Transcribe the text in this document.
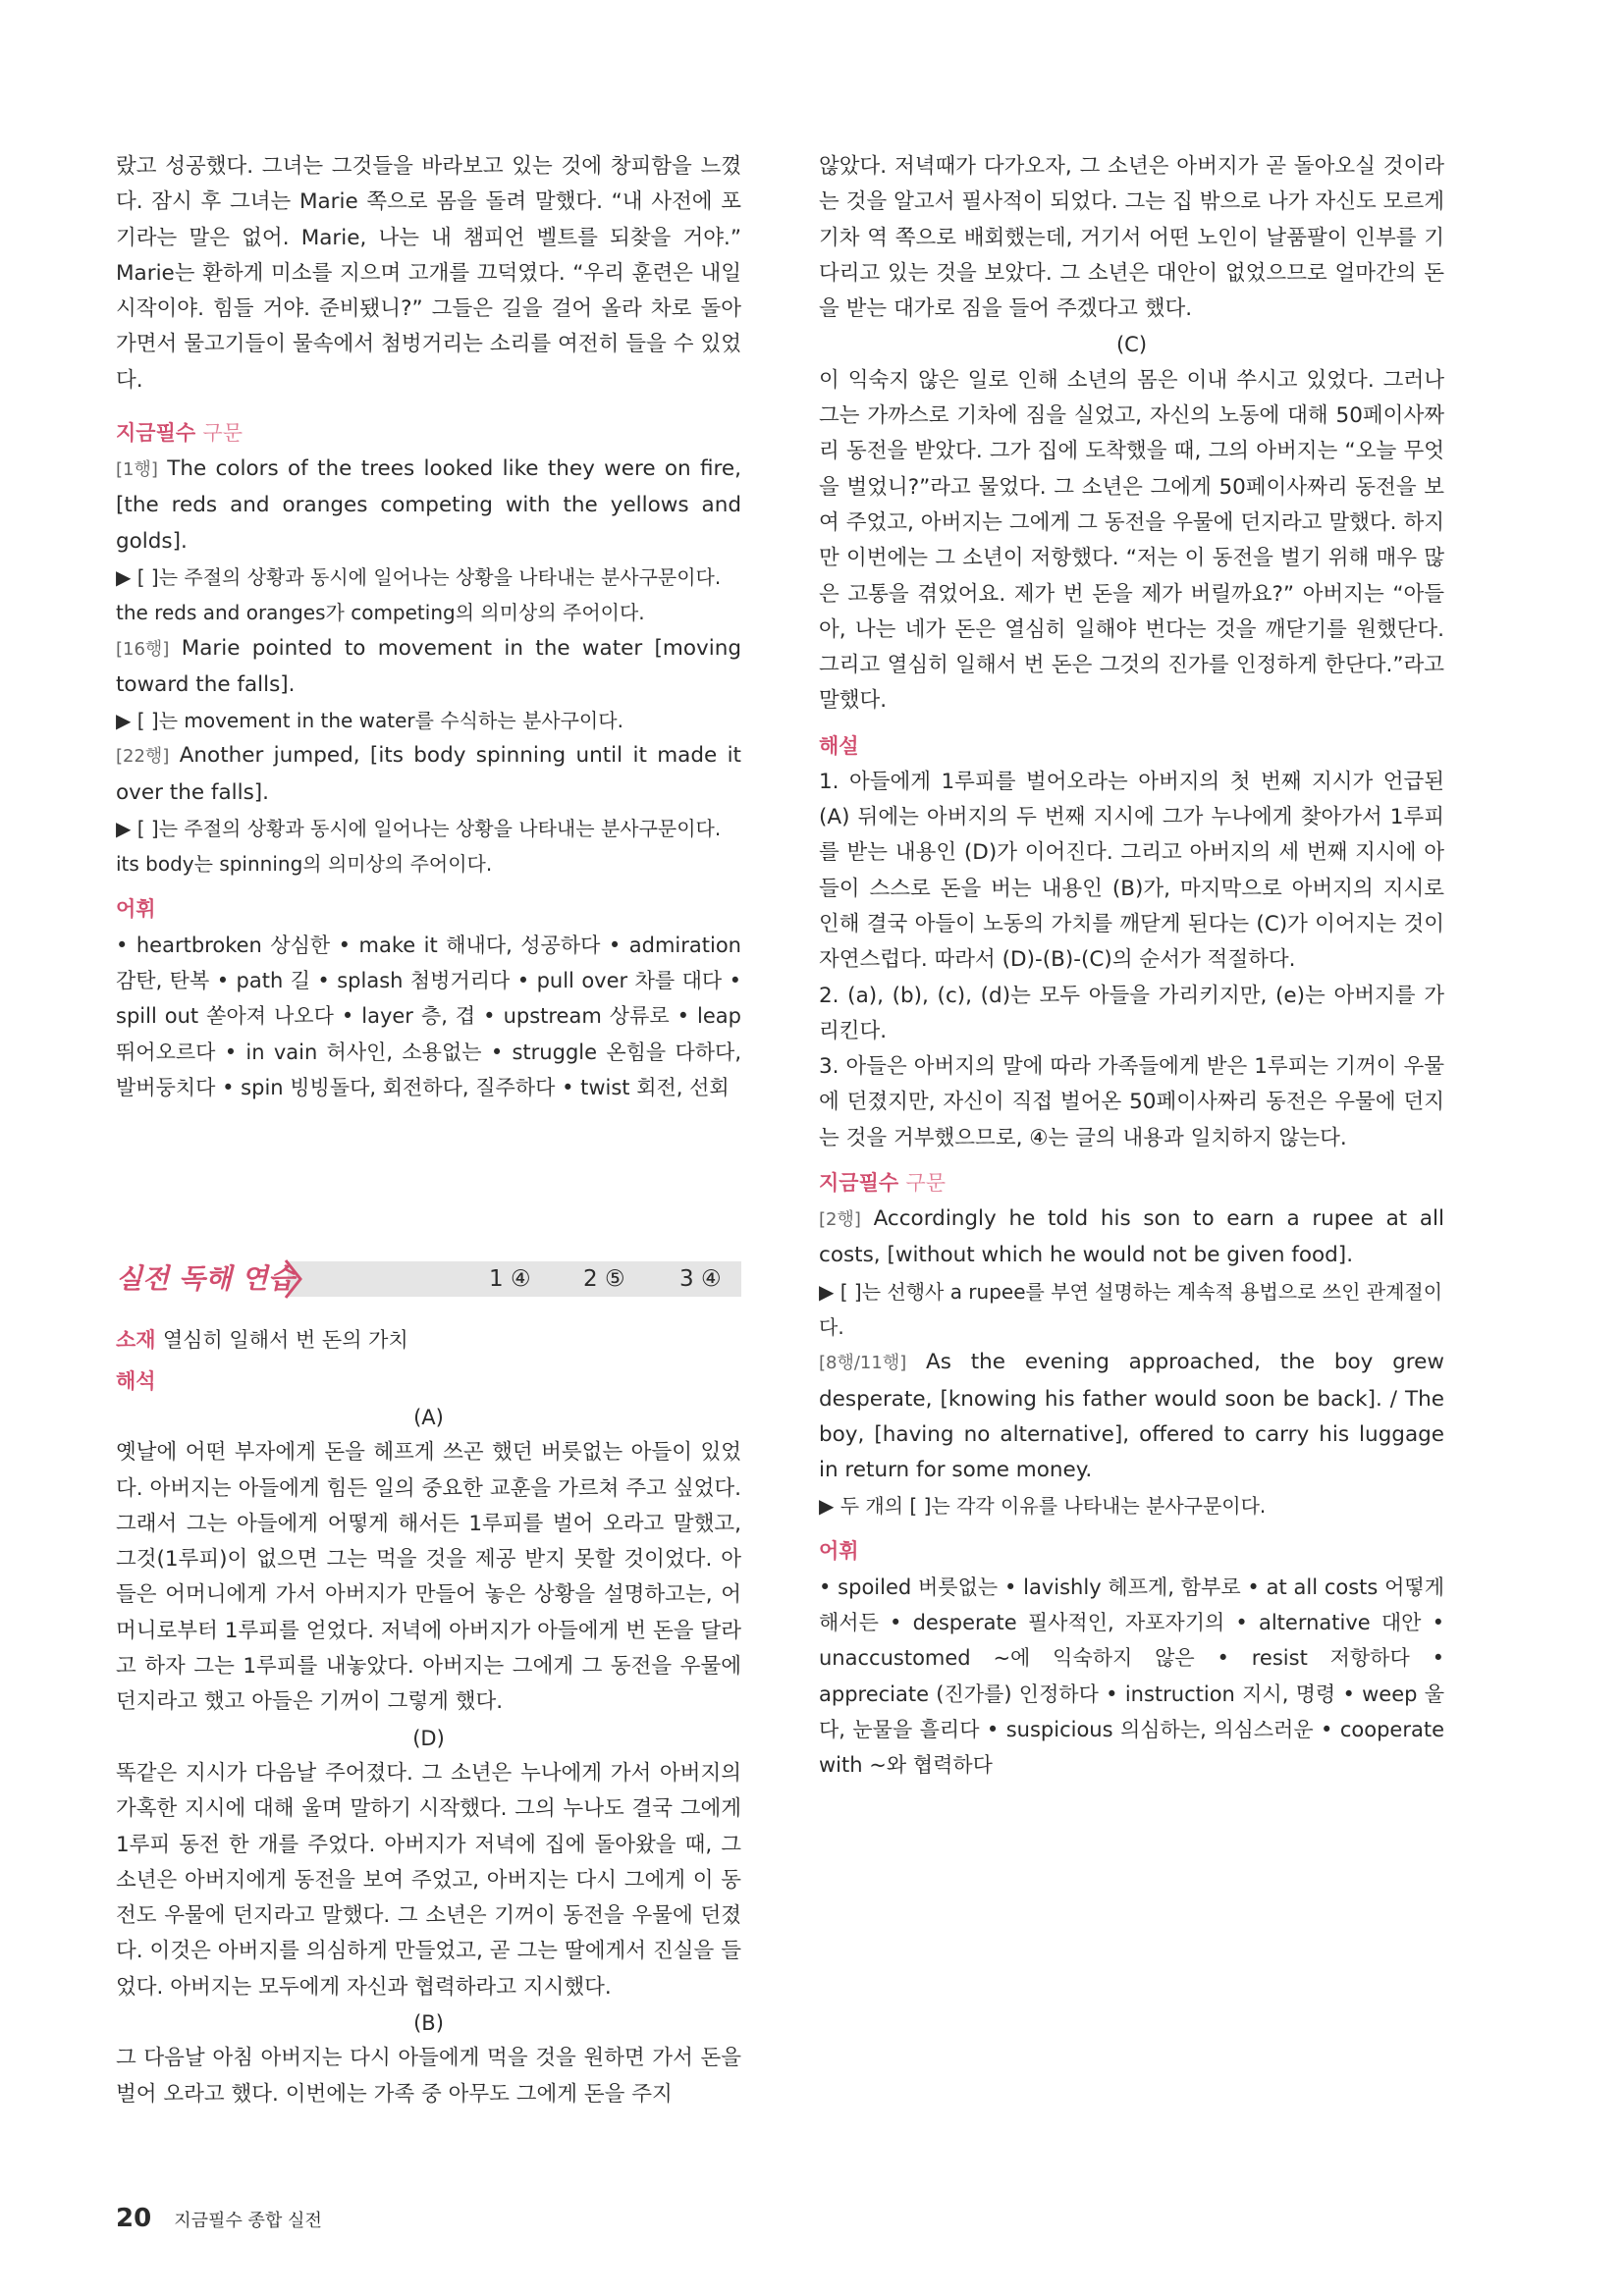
랐고 성공했다. 그녀는 그것들을 바라보고 있는 것에 창피함을 느꼈다. 잠시 후 그녀는 Marie 쪽으로 몸을 돌려 말했다. “내 사전에 포기라는 말은 없어. Marie, 나는 내 챔피언 벨트를 되찾을 거야.” Marie는 환하게 미소를 지으며 고개를 끄덕였다. “우리 훈련은 내일 시작이야. 힘들 거야. 준비됐니?” 그들은 길을 걸어 올라 차로 돌아가면서 물고기들이 물속에서 첨벙거리는 소리를 여전히 들을 수 있었다.

지금필수 구문

[1행] The colors of the trees looked like they were on fire, [the reds and oranges competing with the yellows and golds].

▶ [ ]는 주절의 상황과 동시에 일어나는 상황을 나타내는 분사구문이다. the reds and oranges가 competing의 의미상의 주어이다.

[16행] Marie pointed to movement in the water [moving toward the falls].

▶ [ ]는 movement in the water를 수식하는 분사구이다.

[22행] Another jumped, [its body spinning until it made it over the falls].

▶ [ ]는 주절의 상황과 동시에 일어나는 상황을 나타내는 분사구문이다. its body는 spinning의 의미상의 주어이다.

어휘

• heartbroken 상심한 • make it 해내다, 성공하다 • admiration 감탄, 탄복 • path 길 • splash 첨벙거리다 • pull over 차를 대다 • spill out 쏟아져 나오다 • layer 층, 겹 • upstream 상류로 • leap 뛰어오르다 • in vain 허사인, 소용없는 • struggle 온힘을 다하다, 발버둥치다 • spin 빙빙돌다, 회전하다, 질주하다 • twist 회전, 선회

실전 독해 연습	1 ④ 2 ⑤ 3 ④

소재 열심히 일해서 번 돈의 가치

해석

(A)

옛날에 어떤 부자에게 돈을 헤프게 쓰곤 했던 버릇없는 아들이 있었다. 아버지는 아들에게 힘든 일의 중요한 교훈을 가르쳐 주고 싶었다. 그래서 그는 아들에게 어떻게 해서든 1루피를 벌어 오라고 말했고, 그것(1루피)이 없으면 그는 먹을 것을 제공 받지 못할 것이었다. 아들은 어머니에게 가서 아버지가 만들어 놓은 상황을 설명하고는, 어머니로부터 1루피를 얻었다. 저녁에 아버지가 아들에게 번 돈을 달라고 하자 그는 1루피를 내놓았다. 아버지는 그에게 그 동전을 우물에 던지라고 했고 아들은 기꺼이 그렇게 했다.

(D)

똑같은 지시가 다음날 주어졌다. 그 소년은 누나에게 가서 아버지의 가혹한 지시에 대해 울며 말하기 시작했다. 그의 누나도 결국 그에게 1루피 동전 한 개를 주었다. 아버지가 저녁에 집에 돌아왔을 때, 그 소년은 아버지에게 동전을 보여 주었고, 아버지는 다시 그에게 이 동전도 우물에 던지라고 말했다. 그 소년은 기꺼이 동전을 우물에 던졌다. 이것은 아버지를 의심하게 만들었고, 곧 그는 딸에게서 진실을 들었다. 아버지는 모두에게 자신과 협력하라고 지시했다.

(B)

그 다음날 아침 아버지는 다시 아들에게 먹을 것을 원하면 가서 돈을 벌어 오라고 했다. 이번에는 가족 중 아무도 그에게 돈을 주지

않았다. 저녁때가 다가오자, 그 소년은 아버지가 곧 돌아오실 것이라는 것을 알고서 필사적이 되었다. 그는 집 밖으로 나가 자신도 모르게 기차 역 쪽으로 배회했는데, 거기서 어떤 노인이 날품팔이 인부를 기다리고 있는 것을 보았다. 그 소년은 대안이 없었으므로 얼마간의 돈을 받는 대가로 짐을 들어 주겠다고 했다.

(C)

이 익숙지 않은 일로 인해 소년의 몸은 이내 쑤시고 있었다. 그러나 그는 가까스로 기차에 짐을 실었고, 자신의 노동에 대해 50페이사짜리 동전을 받았다. 그가 집에 도착했을 때, 그의 아버지는 “오늘 무엇을 벌었니?”라고 물었다. 그 소년은 그에게 50페이사짜리 동전을 보여 주었고, 아버지는 그에게 그 동전을 우물에 던지라고 말했다. 하지만 이번에는 그 소년이 저항했다. “저는 이 동전을 벌기 위해 매우 많은 고통을 겪었어요. 제가 번 돈을 제가 버릴까요?” 아버지는 “아들아, 나는 네가 돈은 열심히 일해야 번다는 것을 깨닫기를 원했단다. 그리고 열심히 일해서 번 돈은 그것의 진가를 인정하게 한단다.”라고 말했다.

해설

1. 아들에게 1루피를 벌어오라는 아버지의 첫 번째 지시가 언급된 (A) 뒤에는 아버지의 두 번째 지시에 그가 누나에게 찾아가서 1루피를 받는 내용인 (D)가 이어진다. 그리고 아버지의 세 번째 지시에 아들이 스스로 돈을 버는 내용인 (B)가, 마지막으로 아버지의 지시로 인해 결국 아들이 노동의 가치를 깨닫게 된다는 (C)가 이어지는 것이 자연스럽다. 따라서 (D)-(B)-(C)의 순서가 적절하다.

2. (a), (b), (c), (d)는 모두 아들을 가리키지만, (e)는 아버지를 가리킨다.

3. 아들은 아버지의 말에 따라 가족들에게 받은 1루피는 기꺼이 우물에 던졌지만, 자신이 직접 벌어온 50페이사짜리 동전은 우물에 던지는 것을 거부했으므로, ④는 글의 내용과 일치하지 않는다.

지금필수 구문

[2행] Accordingly he told his son to earn a rupee at all costs, [without which he would not be given food].

▶ [ ]는 선행사 a rupee를 부연 설명하는 계속적 용법으로 쓰인 관계절이다.

[8행/11행] As the evening approached, the boy grew desperate, [knowing his father would soon be back]. / The boy, [having no alternative], offered to carry his luggage in return for some money.

▶ 두 개의 [ ]는 각각 이유를 나타내는 분사구문이다.

어휘

• spoiled 버릇없는 • lavishly 헤프게, 함부로 • at all costs 어떻게 해서든 • desperate 필사적인, 자포자기의 • alternative 대안 • unaccustomed ~에 익숙하지 않은 • resist 저항하다 • appreciate (진가를) 인정하다 • instruction 지시, 명령 • weep 울다, 눈물을 흘리다 • suspicious 의심하는, 의심스러운 • cooperate with ~와 협력하다

20 지금필수 종합 실전
